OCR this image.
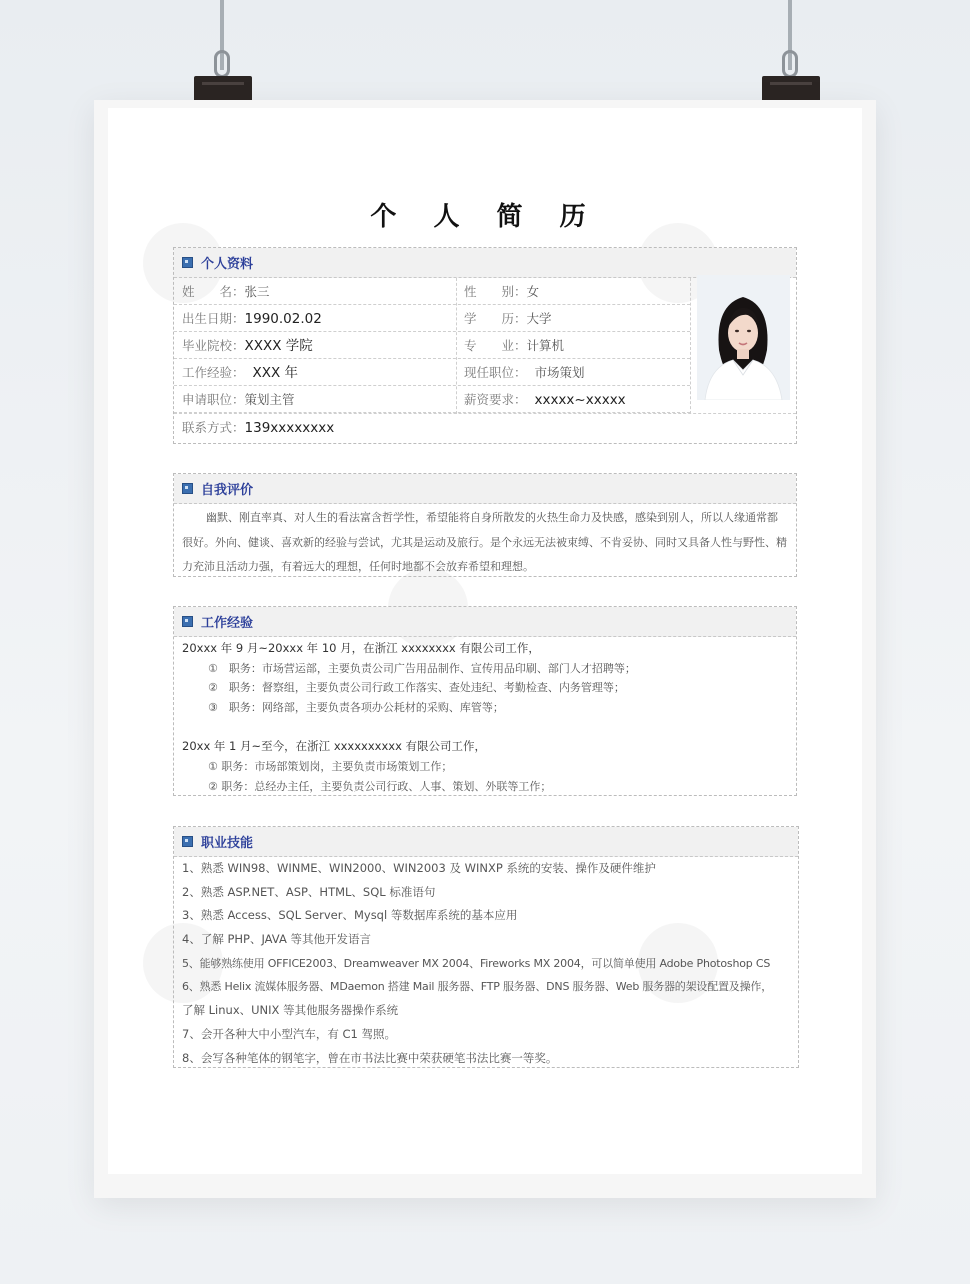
个 人 简 历
个人资料
姓　　名：张三	性　　别：女
出生日期：1990.02.02	学　　历：大学
毕业院校：XXXX 学院	专　　业：计算机
工作经验： XXX 年	现任职位： 市场策划
申请职位：策划主管	薪资要求： xxxxx~xxxxx
联系方式：139xxxxxxxx
自我评价
幽默、刚直率真、对人生的看法富含哲学性，希望能将自身所散发的火热生命力及快感，感染到别人，所以人缘通常都很好。外向、健谈、喜欢新的经验与尝试，尤其是运动及旅行。是个永远无法被束缚、不肯妥协、同时又具备人性与野性、精力充沛且活动力强，有着远大的理想，任何时地都不会放弃希望和理想。
工作经验
20xxx 年 9 月~20xxx 年 10 月，在浙江 xxxxxxxx 有限公司工作，
①　职务：市场营运部，主要负责公司广告用品制作、宣传用品印刷、部门人才招聘等；
②　职务：督察组，主要负责公司行政工作落实、查处违纪、考勤检查、内务管理等；
③　职务：网络部，主要负责各项办公耗材的采购、库管等；
20xx 年 1 月~至今，在浙江 xxxxxxxxxx 有限公司工作，
① 职务：市场部策划岗，主要负责市场策划工作；
② 职务：总经办主任，主要负责公司行政、人事、策划、外联等工作；
职业技能
1、熟悉 WIN98、WINME、WIN2000、WIN2003 及 WINXP 系统的安装、操作及硬件维护
2、熟悉 ASP.NET、ASP、HTML、SQL 标准语句
3、熟悉 Access、SQL Server、Mysql 等数据库系统的基本应用
4、了解 PHP、JAVA 等其他开发语言
5、能够熟练使用 OFFICE2003、Dreamweaver MX 2004、Fireworks MX 2004，可以简单使用 Adobe Photoshop CS
6、熟悉 Helix 流媒体服务器、MDaemon 搭建 Mail 服务器、FTP 服务器、DNS 服务器、Web 服务器的架设配置及操作，
了解 Linux、UNIX 等其他服务器操作系统
7、会开各种大中小型汽车，有 C1 驾照。
8、会写各种笔体的钢笔字，曾在市书法比赛中荣获硬笔书法比赛一等奖。
